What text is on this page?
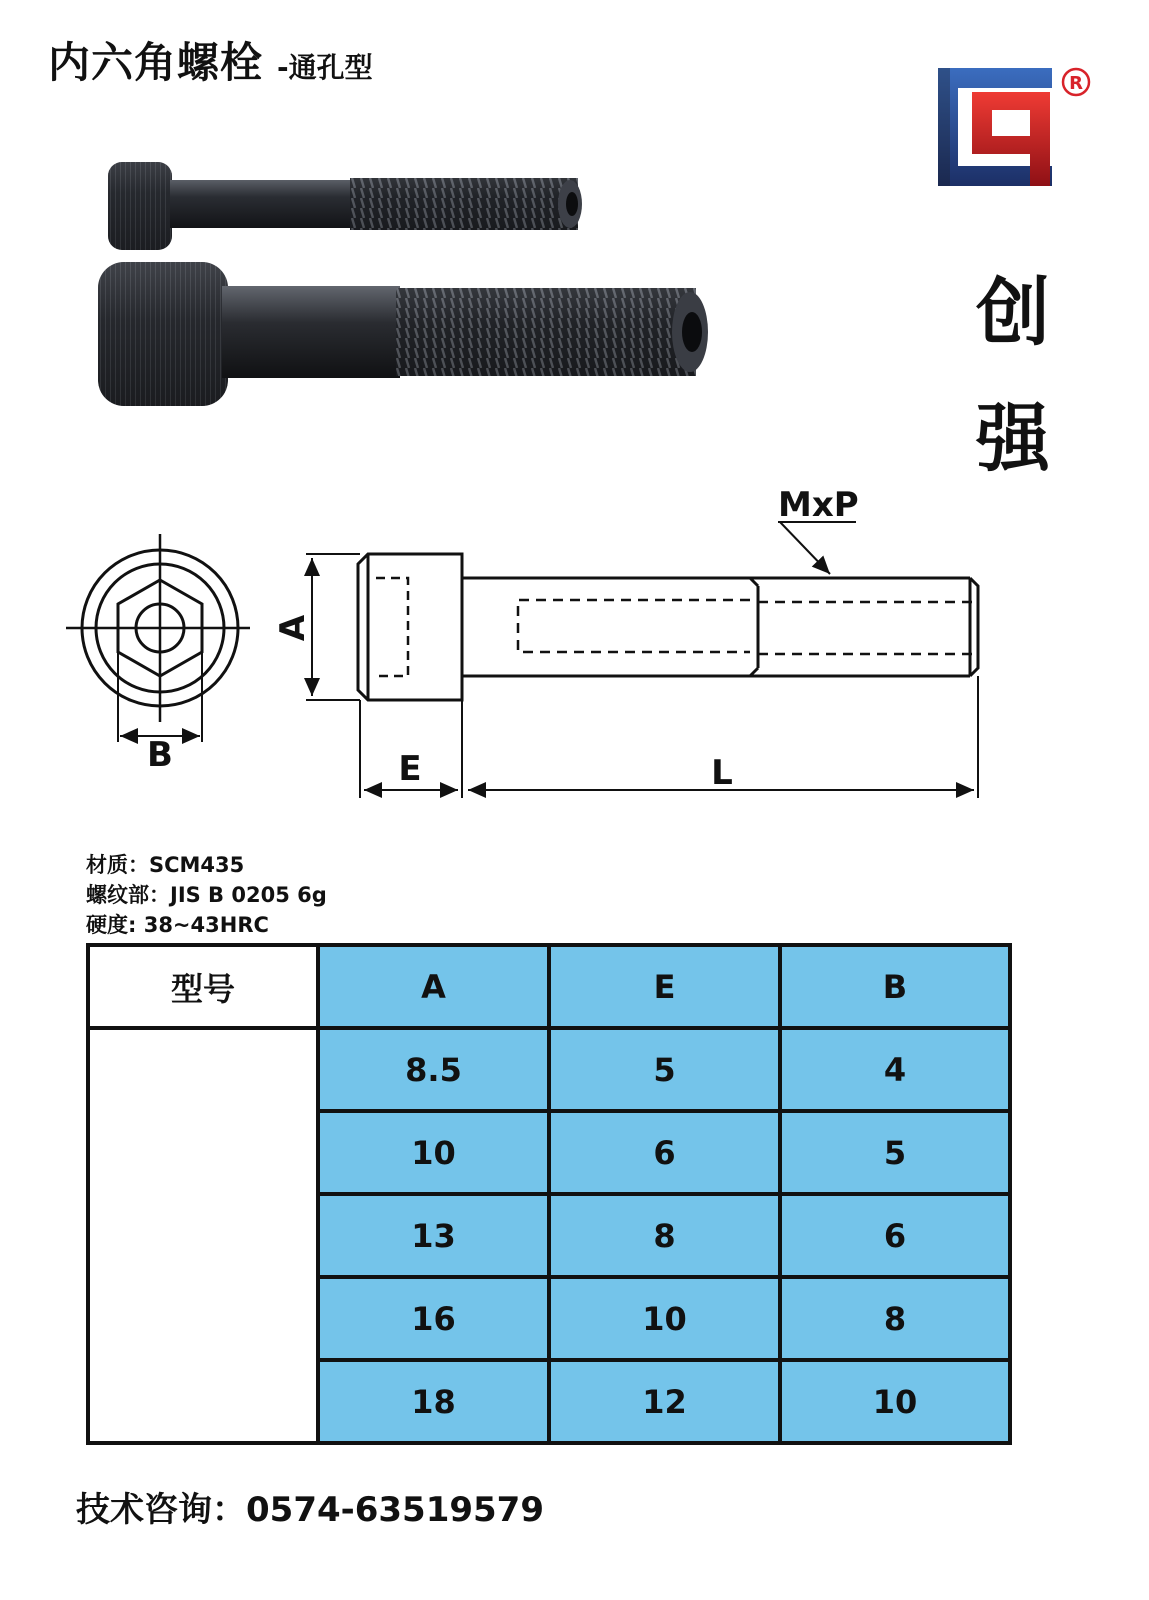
内六角螺栓 -通孔型	R
创
强
MxP
A
B	E	L
材质：SCM435
螺纹部：JIS B 0205 6g
硬度: 38~43HRC
型号	A	E	B
	8.5	5	4
	10	6	5
	13	8	6
	16	10	8
	18	12	10
技术咨询：0574-63519579
